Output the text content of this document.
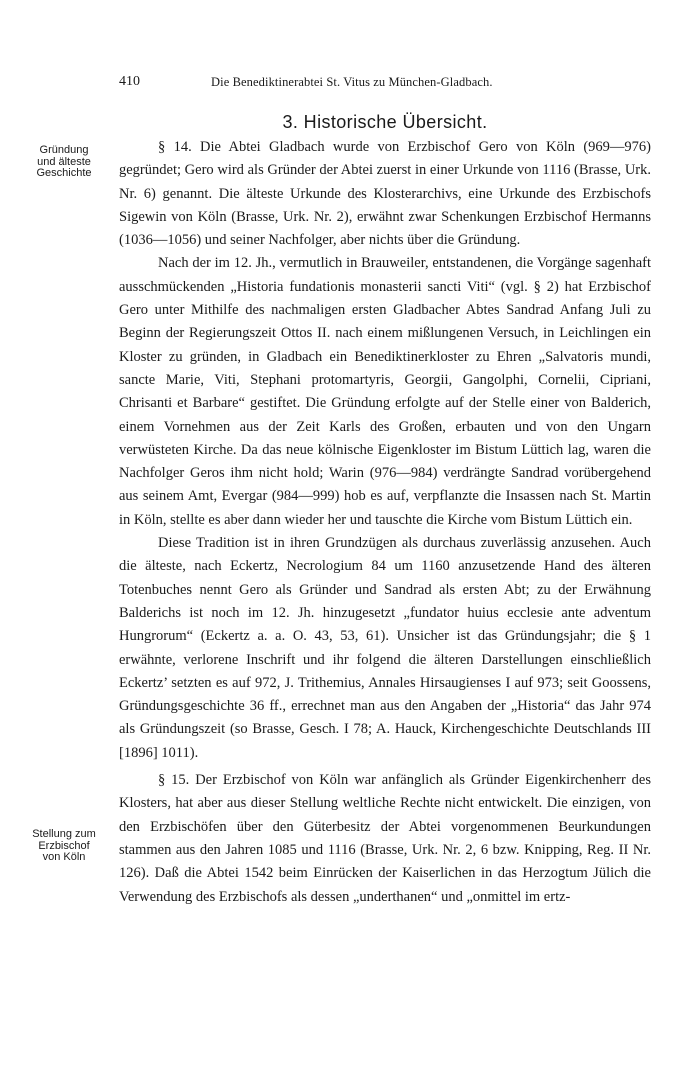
410	Die Benediktinerabtei St. Vitus zu München-Gladbach.
3. Historische Übersicht.
Gründung
und älteste
Geschichte
Stellung zum
Erzbischof
von Köln

§ 14. Die Abtei Gladbach wurde von Erzbischof Gero von Köln (969—976) gegründet; Gero wird als Gründer der Abtei zuerst in einer Urkunde von 1116 (Brasse, Urk. Nr. 6) genannt. Die älteste Urkunde des Klosterarchivs, eine Urkunde des Erzbischofs Sigewin von Köln (Brasse, Urk. Nr. 2), erwähnt zwar Schenkungen Erzbischof Hermanns (1036—1056) und seiner Nachfolger, aber nichts über die Gründung.

Nach der im 12. Jh., vermutlich in Brauweiler, entstandenen, die Vorgänge sagenhaft ausschmückenden „Historia fundationis monasterii sancti Viti“ (vgl. § 2) hat Erzbischof Gero unter Mithilfe des nachmaligen ersten Gladbacher Abtes Sandrad Anfang Juli zu Beginn der Regierungszeit Ottos II. nach einem mißlungenen Versuch, in Leichlingen ein Kloster zu gründen, in Gladbach ein Benediktinerkloster zu Ehren „Salvatoris mundi, sancte Marie, Viti, Stephani protomartyris, Georgii, Gangolphi, Cornelii, Cipriani, Chrisanti et Barbare“ gestiftet. Die Gründung erfolgte auf der Stelle einer von Balderich, einem Vornehmen aus der Zeit Karls des Großen, erbauten und von den Ungarn verwüsteten Kirche. Da das neue kölnische Eigenkloster im Bistum Lüttich lag, waren die Nachfolger Geros ihm nicht hold; Warin (976—984) verdrängte Sandrad vorübergehend aus seinem Amt, Evergar (984—999) hob es auf, verpflanzte die Insassen nach St. Martin in Köln, stellte es aber dann wieder her und tauschte die Kirche vom Bistum Lüttich ein.

Diese Tradition ist in ihren Grundzügen als durchaus zuverlässig anzusehen. Auch die älteste, nach Eckertz, Necrologium 84 um 1160 anzusetzende Hand des älteren Totenbuches nennt Gero als Gründer und Sandrad als ersten Abt; zu der Erwähnung Balderichs ist noch im 12. Jh. hinzugesetzt „fundator huius ecclesie ante adventum Hungrorum“ (Eckertz a. a. O. 43, 53, 61). Unsicher ist das Gründungsjahr; die § 1 erwähnte, verlorene Inschrift und ihr folgend die älteren Darstellungen einschließlich Eckertz’ setzten es auf 972, J. Trithemius, Annales Hirsaugienses I auf 973; seit Goossens, Gründungsgeschichte 36 ff., errechnet man aus den Angaben der „Historia“ das Jahr 974 als Gründungszeit (so Brasse, Gesch. I 78; A. Hauck, Kirchengeschichte Deutschlands III [1896] 1011).

§ 15. Der Erzbischof von Köln war anfänglich als Gründer Eigenkirchenherr des Klosters, hat aber aus dieser Stellung weltliche Rechte nicht entwickelt. Die einzigen, von den Erzbischöfen über den Güterbesitz der Abtei vorgenommenen Beurkundungen stammen aus den Jahren 1085 und 1116 (Brasse, Urk. Nr. 2, 6 bzw. Knipping, Reg. II Nr. 126). Daß die Abtei 1542 beim Einrücken der Kaiserlichen in das Herzogtum Jülich die Verwendung des Erzbischofs als dessen „underthanen“ und „onmittel im ertz-
